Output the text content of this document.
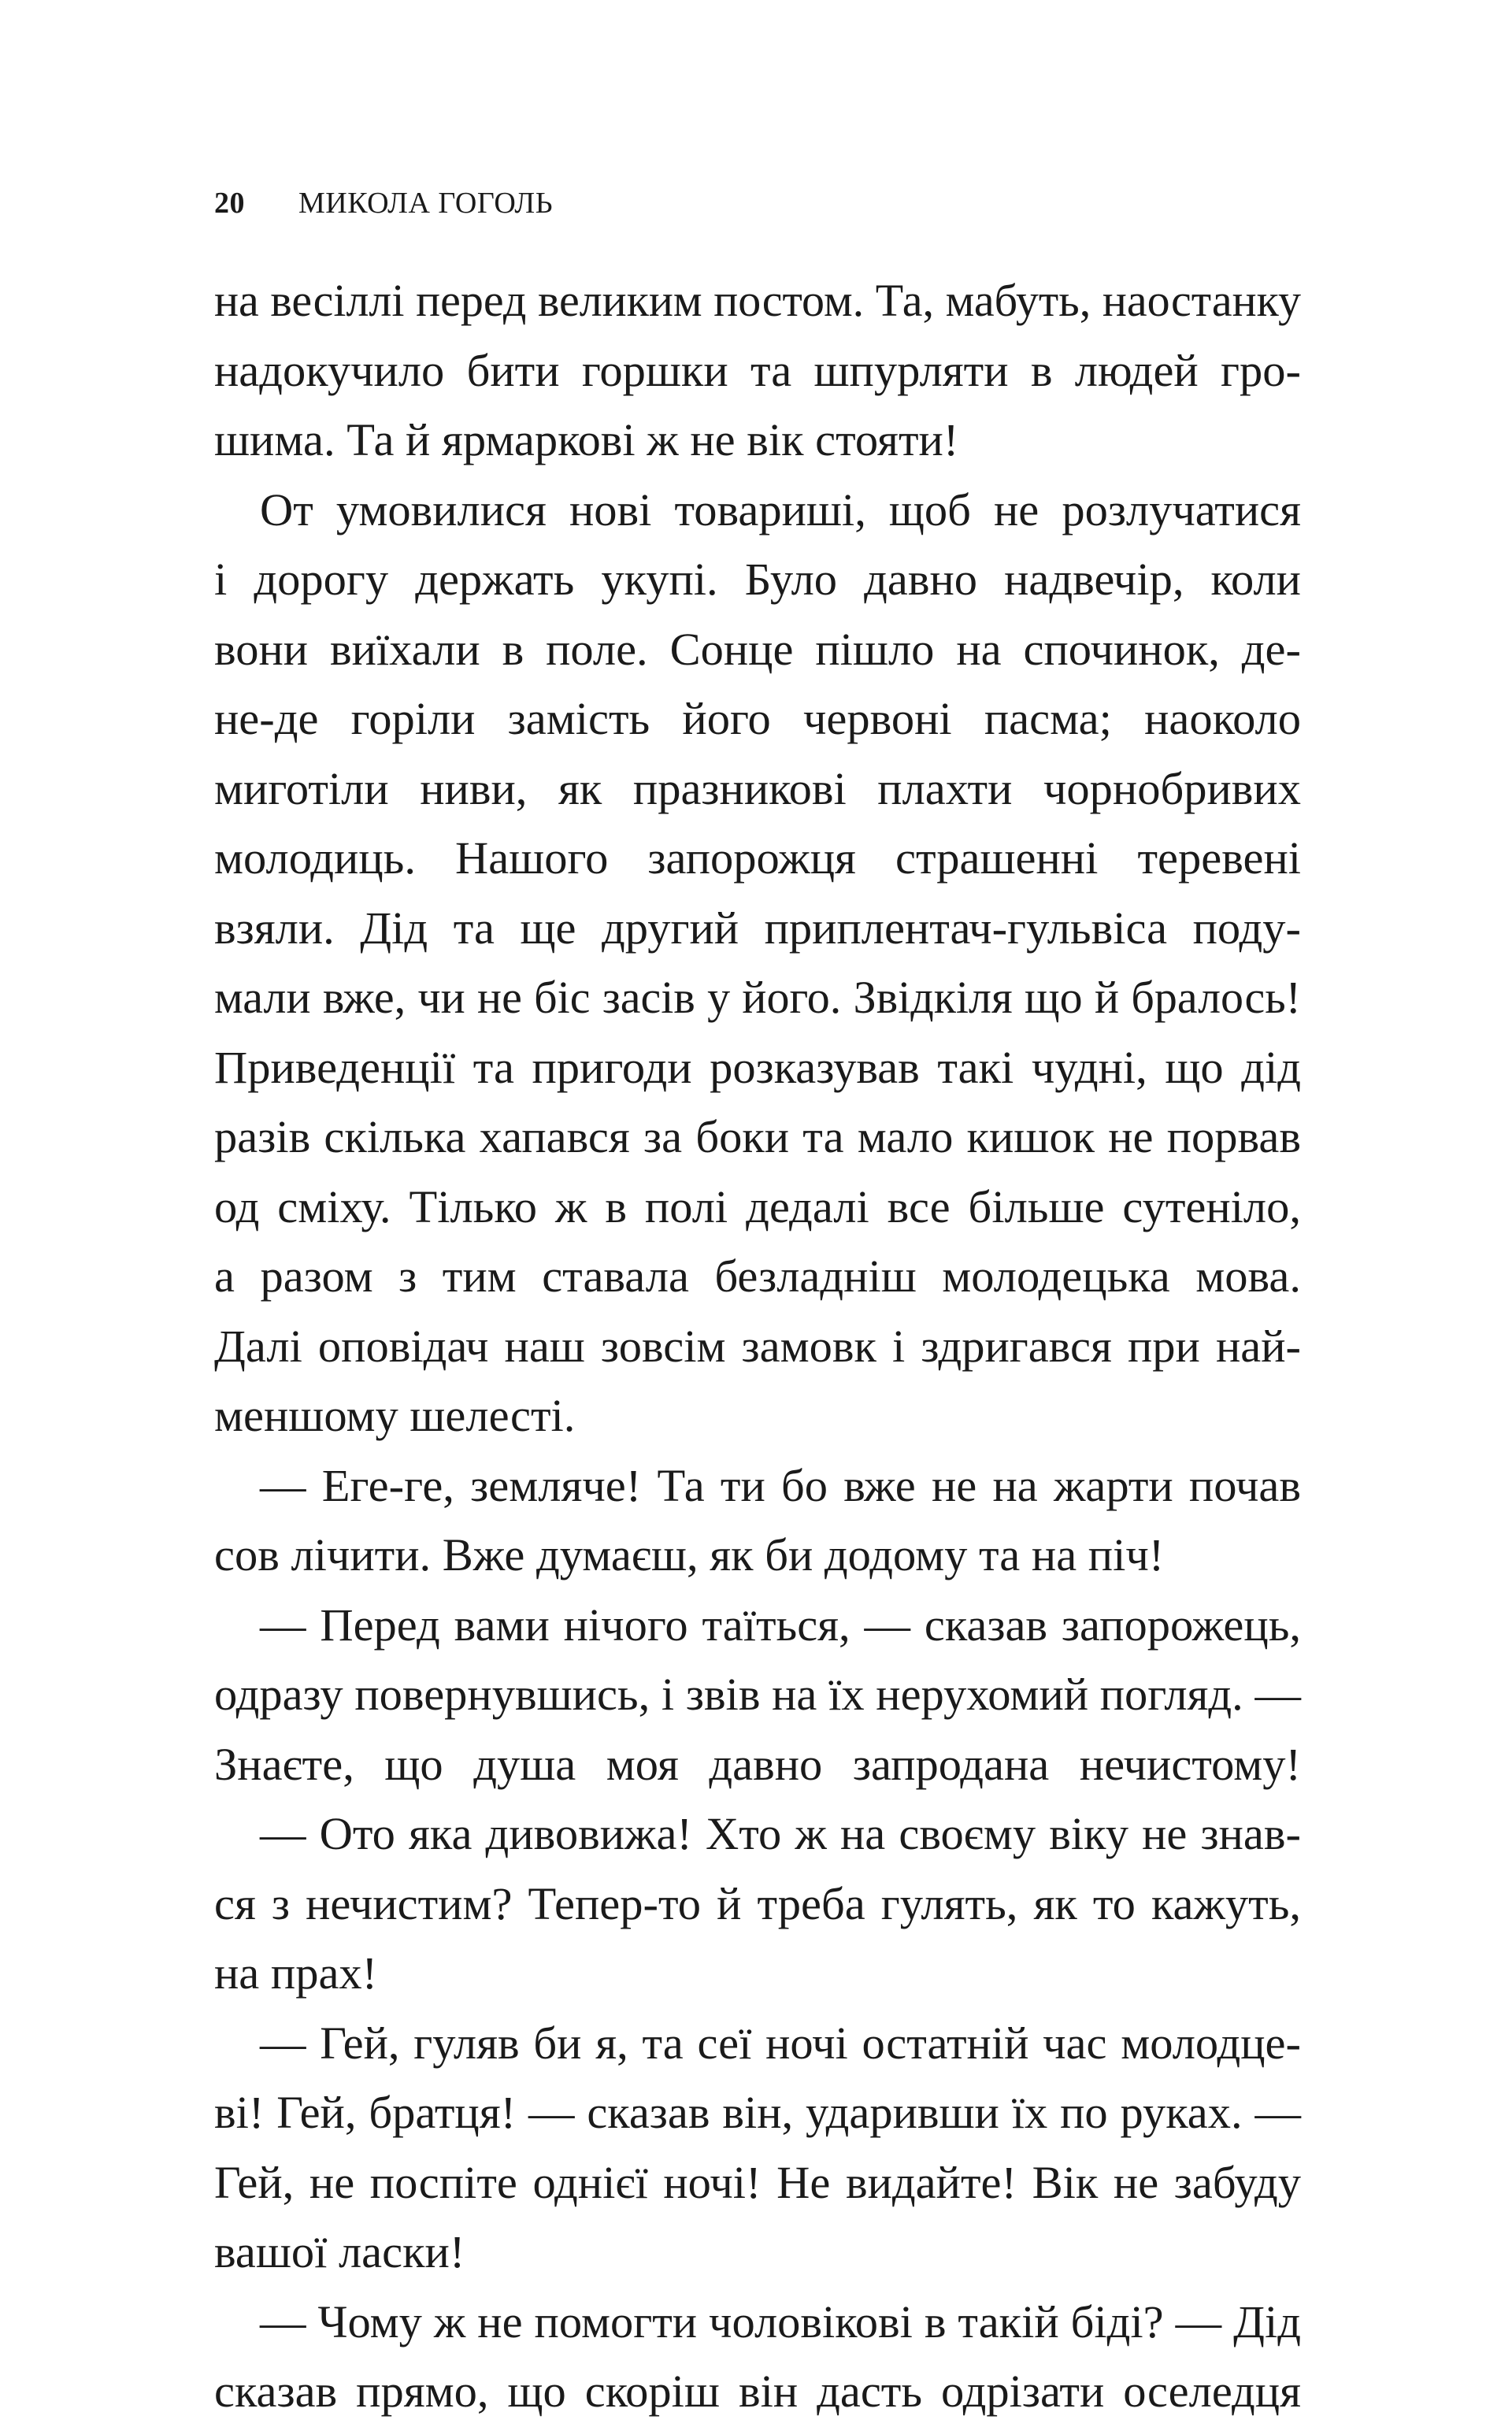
20 МИКОЛА ГОГОЛЬ
на весіллі перед великим постом. Та, мабуть, наостанку
надокучило бити горшки та шпурляти в людей гро-
шима. Та й ярмаркові ж не вік стояти!
От умовилися нові товариші, щоб не розлучатися
і дорогу держать укупі. Було давно надвечір, коли
вони виїхали в поле. Сонце пішло на спочинок, де-
не-де горіли замість його червоні пасма; наоколо
миготіли ниви, як празникові плахти чорнобривих
молодиць. Нашого запорожця страшенні теревені
взяли. Дід та ще другий приплентач-гульвіса поду-
мали вже, чи не біс засів у його. Звідкіля що й бралось!
Приведенції та пригоди розказував такі чудні, що дід
разів скілька хапався за боки та мало кишок не порвав
од сміху. Тілько ж в полі дедалі все більше сутеніло,
а разом з тим ставала безладніш молодецька мова.
Далі оповідач наш зовсім замовк і здригався при най-
меншому шелесті.
— Еге-ге, земляче! Та ти бо вже не на жарти почав
сов лічити. Вже думаєш, як би додому та на піч!
— Перед вами нічого таїться, — сказав запорожець,
одразу повернувшись, і звів на їх нерухомий погляд. —
Знаєте, що душа моя давно запродана нечистому!
— Ото яка дивовижа! Хто ж на своєму віку не знав-
ся з нечистим? Тепер-то й треба гулять, як то кажуть,
на прах!
— Гей, гуляв би я, та сеї ночі остатній час молодце-
ві! Гей, братця! — сказав він, ударивши їх по руках. —
Гей, не поспіте однієї ночі! Не видайте! Вік не забуду
вашої ласки!
— Чому ж не помогти чоловікові в такій біді? — Дід
сказав прямо, що скоріш він дасть одрізати оселедця
